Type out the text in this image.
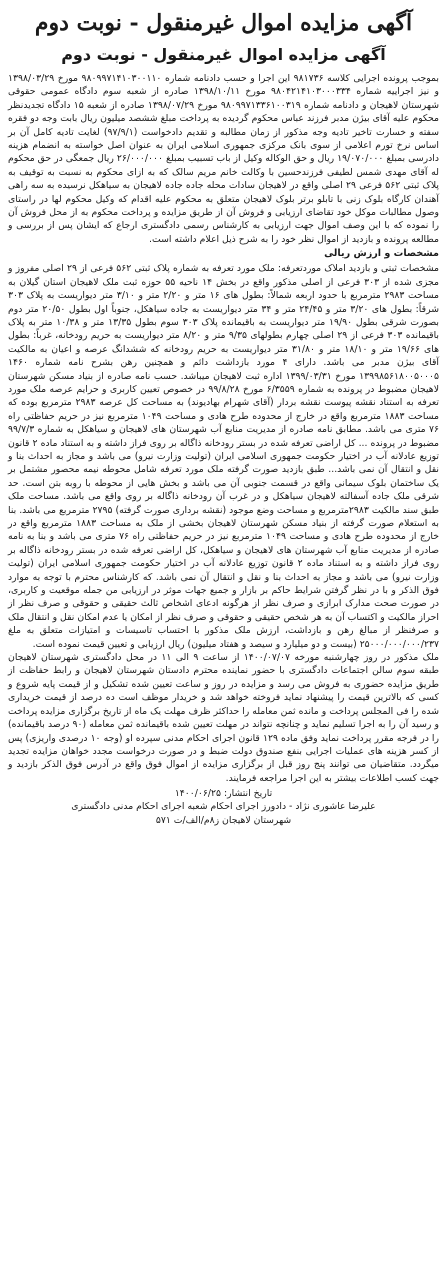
آگهی مزایده اموال غیرمنقول - نوبت دوم
آگهی مزایده اموال غیرمنقول - نوبت دوم

بموجب پرونده اجرایی کلاسه ۹۸۱۷۳۶ این اجرا و حسب دادنامه شماره ۹۸۰۹۹۷۱۴۱۰۳۰۰۱۱۰ مورخ ۱۳۹۸/۰۳/۲۹ و نیز اجراییه شماره ۹۸۰۴۲۱۴۱۰۳۰۰۰۳۳۴ مورخ ۱۳۹۸/۱۰/۱۱ صادره از شعبه سوم دادگاه عمومی حقوقی شهرستان لاهیجان و دادنامه شماره ۹۸۰۹۹۷۱۳۳۶۱۰۰۳۱۹ مورخ ۱۳۹۸/۰۷/۲۹ صادره از شعبه ۱۵ دادگاه تجدیدنظر محکوم علیه آقای بیژن مدبر فرزند عباس محکوم گردیده به پرداخت مبلغ ششصد میلیون ریال بابت وجه دو فقره سفته و خسارت تاخیر تادیه وجه مذکور از زمان مطالبه و تقدیم دادخواست (۹۷/۹/۱) لغایت تادیه کامل آن بر اساس نرخ تورم اعلامی از سوی بانک مرکزی جمهوری اسلامی ایران به عنوان اصل خواسته به انضمام هزینه دادرسی بمبلغ ۱۹/۰۷۰/۰۰۰ ریال و حق الوکاله وکیل از باب تسبیب بمبلغ ۲۶/۰۰۰/۰۰۰ ریال جمعگی در حق محکوم له آقای مهدی شمس لطیفی فرزندحسین با وکالت خانم مریم سالک که به ازای محکوم به نسبت به توقیف به پلاک ثبتی ۵۶۲ فرعی ۲۹ اصلی واقع در لاهیجان سادات محله جاده جاده لاهیجان به سیاهکل نرسیده به سه راهی آهندان کارگاه بلوک زنی با تابلو برتر بلوک لاهیجان متعلق به محکوم علیه اقدام که وکیل محکوم لها در راستای وصول مطالبات موکل خود تقاضای ارزیابی و فروش آن از طریق مزایده و پرداخت محکوم به از محل فروش آن را نموده که با این وصف اموال جهت ارزیابی به کارشناس رسمی دادگستری ارجاع که ایشان پس از بررسی و مطالعه پرونده و بازدید از اموال نظر خود را به شرح ذیل اعلام داشته است.

مشخصات و ارزش ریالی

مشخصات ثبتی و بازدید املاک موردتعرفه: ملک مورد تعرفه به شماره پلاک ثبتی ۵۶۲ فرعی از ۲۹ اصلی مفروز و مجزی شده از ۳۰۳ فرعی از اصلی مذکور واقع در بخش ۱۴ ناحیه ۵۵ حوزه ثبت ملک لاهیجان استان گیلان به مساحت ۲۹۸۳ مترمربع با حدود اربعه شمالاً: بطول های ۱۶ متر و ۲/۲۰ متر و ۳/۱۰ متر دیواریست به پلاک ۳۰۳ شرقاً: بطول های ۳/۲۰ متر و ۲۴/۴۵ متر و ۳۴ متر دیواریست به جاده سیاهکل، جنوباً اول بطول ۲۰/۵۰ متر دوم بصورت شرقی بطول ۱۹/۹۰ متر دیواریست به باقیمانده پلاک ۳۰۳ سوم بطول ۱۳/۳۵ متر و ۱۰/۳۸ متر به پلاک باقیمانده ۳۰۳ فرعی از ۲۹ اصلی چهارم بطولهای ۹/۳۵ متر و ۸/۲۰ متر دیواریست به حریم رودخانه، غرباً: بطول های ۱۹/۶۶ متر و ۱۸/۱۰ متر و ۳۱/۸۰ متر دیواریست به حریم رودخانه که ششدانگ عرصه و اعیان به مالکیت آقای بیژن مدبر می باشد. دارای ۴ مورد بازداشت دائم و همچنین رهن بشرح نامه شماره ۱۴۶۰ ۱۳۹۹۸۵۶۱۸۰۰۵۰۰۰۵ مورخ ۱۳۹۹/۰۳/۳۱ اداره ثبت لاهیجان میباشد. حسب نامه صادره از بنیاد مسکن شهرستان لاهیجان مضبوط در پرونده به شماره ۶/۳۵۵۹ مورخ ۹۹/۸/۲۸ در خصوص تعیین کاربری و حرایم عرصه ملک مورد تعرفه به استناد نقشه پیوست نقشه بردار (آقای شهرام بهادیوند) به مساحت کل عرصه ۲۹۸۳ مترمربع بوده که مساحت ۱۸۸۳ مترمربع واقع در خارج از محدوده طرح هادی و مساحت ۱۰۴۹ مترمربع نیز در حریم حفاظتی راه ۷۶ متری می باشد. مطابق نامه صادره از مدیریت منابع آب شهرستان های لاهیجان و سیاهکل به شماره ۹۹/۷/۳ مضبوط در پرونده ... کل اراضی تعرفه شده در بستر رودخانه ذاگاله بر روی فراز داشته و به استناد ماده ۲ قانون توزیع عادلانه آب در اختیار حکومت جمهوری اسلامی ایران (تولیت وزارت نیرو) می باشد و مجاز به احداث بنا و نقل و انتقال آن نمی باشد... طبق بازدید صورت گرفته ملک مورد تعرفه شامل محوطه نیمه محصور مشتمل بر یک ساختمان بلوک سیمانی واقع در قسمت جنوبی آن می باشد و بخش هایی از محوطه با روبه بتن است. حد شرقی ملک جاده آسفالته لاهیجان سیاهکل و در غرب آن رودخانه ذاگاله بر روی واقع می باشد. مساحت ملک طبق سند مالکیت ۲۹۸۳مترمربع و مساحت وضع موجود (نقشه برداری صورت گرفته) ۲۷۹۵ مترمربع می باشد. بنا به استعلام صورت گرفته از بنیاد مسکن شهرستان لاهیجان بخشی از ملک به مساحت ۱۸۸۳ مترمربع واقع در خارج از محدوده طرح هادی و مساحت ۱۰۴۹ مترمربع نیز در حریم حفاظتی راه ۷۶ متری می باشد و بنا به نامه صادره از مدیریت منابع آب شهرستان های لاهیجان و سیاهکل، کل اراضی تعرفه شده در بستر رودخانه ذاگاله بر روی فراز داشته و به استناد ماده ۲ قانون توزیع عادلانه آب در اختیار حکومت جمهوری اسلامی ایران (تولیت وزارت نیرو) می باشد و مجاز به احداث بنا و نقل و انتقال آن نمی باشد. که کارشناس محترم با توجه به موارد فوق الذکر و با در نظر گرفتن شرایط حاکم بر بازار و جمیع جهات موثر در ارزیابی من جمله موقعیت و کاربری، در صورت صحت مدارک ابرازی و صرف نظر از هرگونه ادعای اشخاص ثالث حقیقی و حقوقی و صرف نظر از احراز مالکیت و اکتساب آن به هر شخص حقیقی و حقوقی و صرف نظر از امکان یا عدم امکان نقل و انتقال ملک و صرفنظر از مبالغ رهن و بازداشت، ارزش ملک مذکور با احتساب تاسیسات و امتیازات متعلق به ملغ ۲۵۰۰۰/۰۰۰/۰۰۰/۲۳۷ (بیست و دو میلیارد و سیصد و هفتاد میلیون) ریال ارزیابی و تعیین قیمت نموده است.

ملک مذکور در روز چهارشنبه مورخه ۱۴۰۰/۰۷/۰۷ از ساعت ۹ الی ۱۱ در محل دادگستری شهرستان لاهیجان طبقه سوم سالن اجتماعات دادگستری با حضور نماینده محترم دادستان شهرستان لاهیجان و رابط حفاظت از طریق مزایده حضوری به فروش می رسد و مزایده در روز و ساعت تعیین شده تشکیل و از قیمت پایه شروع و کسی که بالاترین قیمت را پیشنهاد نماید فروخته خواهد شد و خریدار موظف است ده درصد از قیمت خریداری شده را فی المجلس پرداخت و مانده ثمن معامله را حداکثر ظرف مهلت یک ماه از تاریخ برگزاری مزایده پرداخت و رسید آن را به اجرا تسلیم نماید و چنانچه نتواند در مهلت تعیین شده باقیمانده ثمن معامله (۹۰ درصد باقیمانده) را در فرجه مقرر پرداخت نماید وفق ماده ۱۲۹ قانون اجرای احکام مدنی سپرده او (وجه ۱۰ درصدی واریزی) پس از کسر هزینه های عملیات اجرایی بنفع صندوق دولت ضبط و در صورت درخواست مجدد خواهان مزایده تجدید میگردد. متقاضیان می توانند پنج روز قبل از برگزاری مزایده از اموال فوق واقع در آدرس فوق الذکر بازدید و جهت کسب اطلاعات بیشتر به این اجرا مراجعه فرمایند.

تاریخ انتشار: ۱۴۰۰/۰۶/۲۵
علیرضا عاشوری نژاد - دادورز اجرای احکام شعبه اجرای احکام مدنی دادگستری
شهرستان لاهیجان ز۸م/الف/ت ۵۷۱
